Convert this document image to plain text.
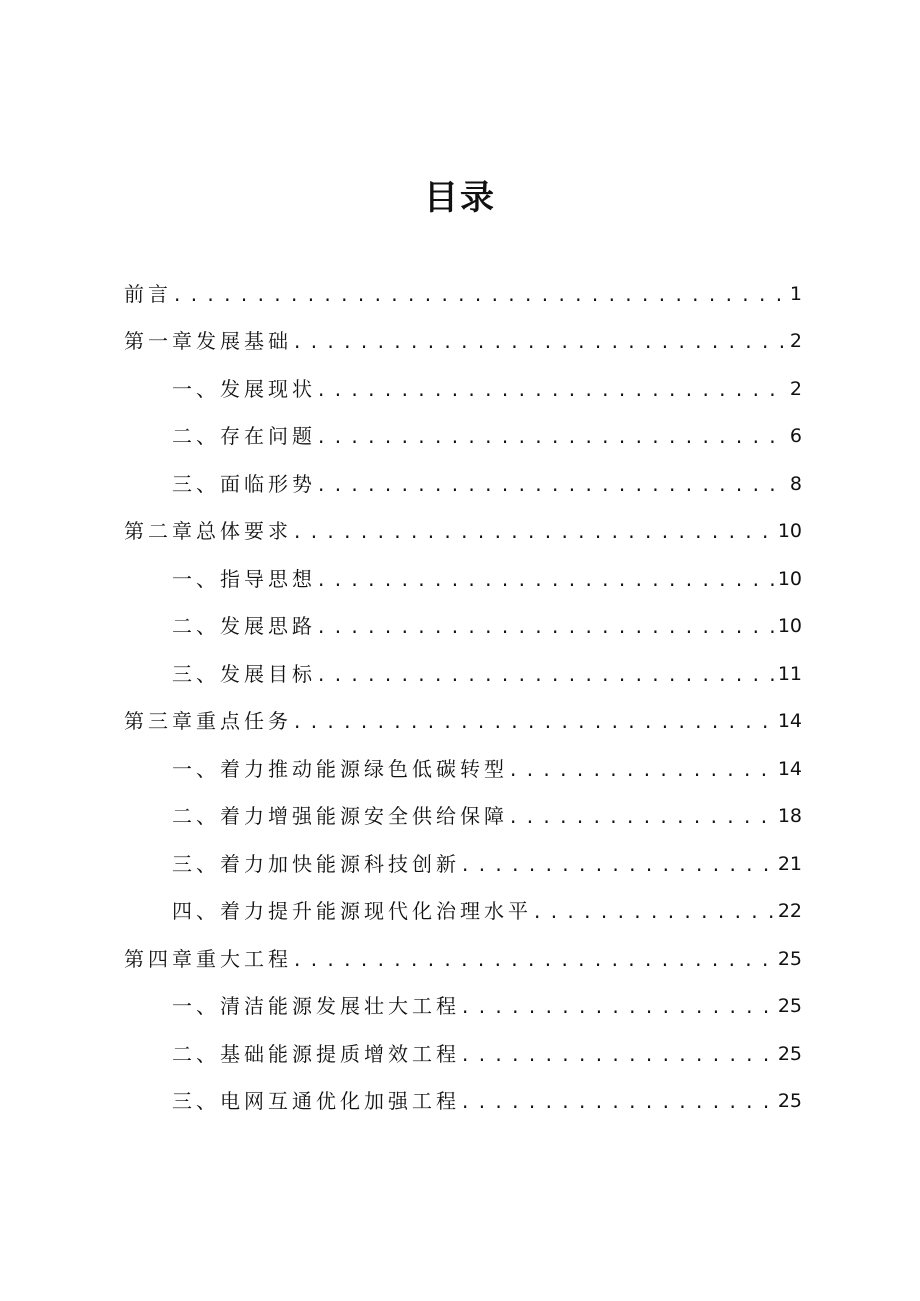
目录
前言 . . .	1
第一章发展基础 . . .	2
一、发展现状 . . .	2
二、存在问题 . . .	6
三、面临形势 . . .	8
第二章总体要求 . . .	10
一、指导思想 . . .	10
二、发展思路 . . .	10
三、发展目标 . . .	11
第三章重点任务 . . .	14
一、着力推动能源绿色低碳转型 . . .	14
二、着力增强能源安全供给保障 . . .	18
三、着力加快能源科技创新 . . .	21
四、着力提升能源现代化治理水平 . . .	22
第四章重大工程 . . .	25
一、清洁能源发展壮大工程 . . .	25
二、基础能源提质增效工程 . . .	25
三、电网互通优化加强工程 . . .	25
